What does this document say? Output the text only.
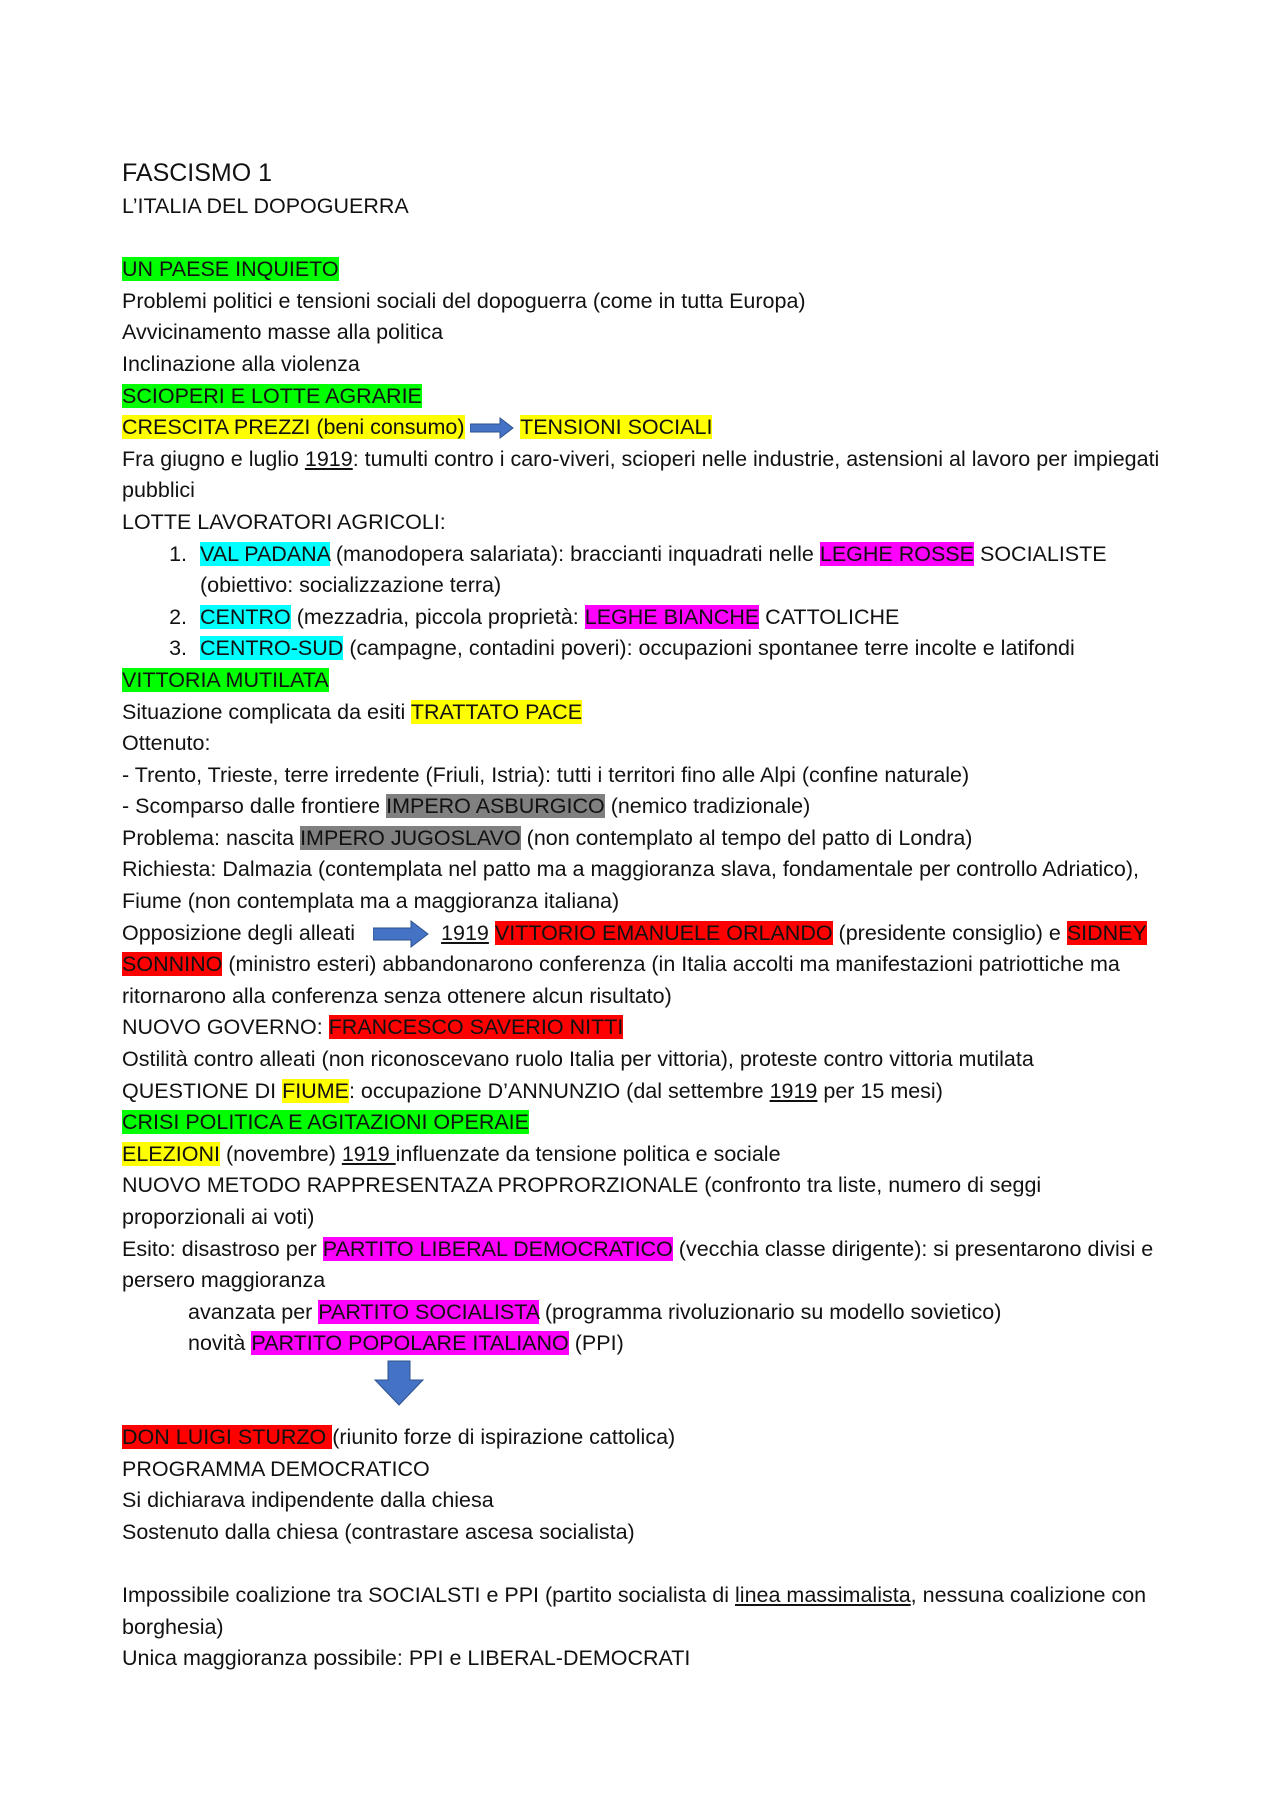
FASCISMO 1
L’ITALIA DEL DOPOGUERRA
UN PAESE INQUIETO
Problemi politici e tensioni sociali del dopoguerra (come in tutta Europa)
Avvicinamento masse alla politica
Inclinazione alla violenza
SCIOPERI E LOTTE AGRARIE
CRESCITA PREZZI (beni consumo)	TENSIONI SOCIALI
Fra giugno e luglio 1919: tumulti contro i caro-viveri, scioperi nelle industrie, astensioni al lavoro per impiegati pubblici
LOTTE LAVORATORI AGRICOLI:
1. VAL PADANA (manodopera salariata): braccianti inquadrati nelle LEGHE ROSSE SOCIALISTE (obiettivo: socializzazione terra)
2. CENTRO (mezzadria, piccola proprietà: LEGHE BIANCHE CATTOLICHE
3. CENTRO-SUD (campagne, contadini poveri): occupazioni spontanee terre incolte e latifondi
VITTORIA MUTILATA
Situazione complicata da esiti TRATTATO PACE
Ottenuto:
- Trento, Trieste, terre irredente (Friuli, Istria): tutti i territori fino alle Alpi (confine naturale)
- Scomparso dalle frontiere IMPERO ASBURGICO (nemico tradizionale)
Problema: nascita IMPERO JUGOSLAVO (non contemplato al tempo del patto di Londra)
Richiesta: Dalmazia (contemplata nel patto ma a maggioranza slava, fondamentale per controllo Adriatico), Fiume (non contemplata ma a maggioranza italiana)
Opposizione degli alleati	1919 VITTORIO EMANUELE ORLANDO (presidente consiglio) e SIDNEY SONNINO (ministro esteri) abbandonarono conferenza (in Italia accolti ma manifestazioni patriottiche ma ritornarono alla conferenza senza ottenere alcun risultato)
NUOVO GOVERNO: FRANCESCO SAVERIO NITTI
Ostilità contro alleati (non riconoscevano ruolo Italia per vittoria), proteste contro vittoria mutilata
QUESTIONE DI FIUME: occupazione D’ANNUNZIO (dal settembre 1919 per 15 mesi)
CRISI POLITICA E AGITAZIONI OPERAIE
ELEZIONI (novembre) 1919 influenzate da tensione politica e sociale
NUOVO METODO RAPPRESENTAZA PROPRORZIONALE (confronto tra liste, numero di seggi proporzionali ai voti)
Esito: disastroso per PARTITO LIBERAL DEMOCRATICO (vecchia classe dirigente): si presentarono divisi e persero maggioranza
avanzata per PARTITO SOCIALISTA (programma rivoluzionario su modello sovietico)
novità PARTITO POPOLARE ITALIANO (PPI)
DON LUIGI STURZO (riunito forze di ispirazione cattolica)
PROGRAMMA DEMOCRATICO
Si dichiarava indipendente dalla chiesa
Sostenuto dalla chiesa (contrastare ascesa socialista)
Impossibile coalizione tra SOCIALSTI e PPI (partito socialista di linea massimalista, nessuna coalizione con borghesia)
Unica maggioranza possibile: PPI e LIBERAL-DEMOCRATI
